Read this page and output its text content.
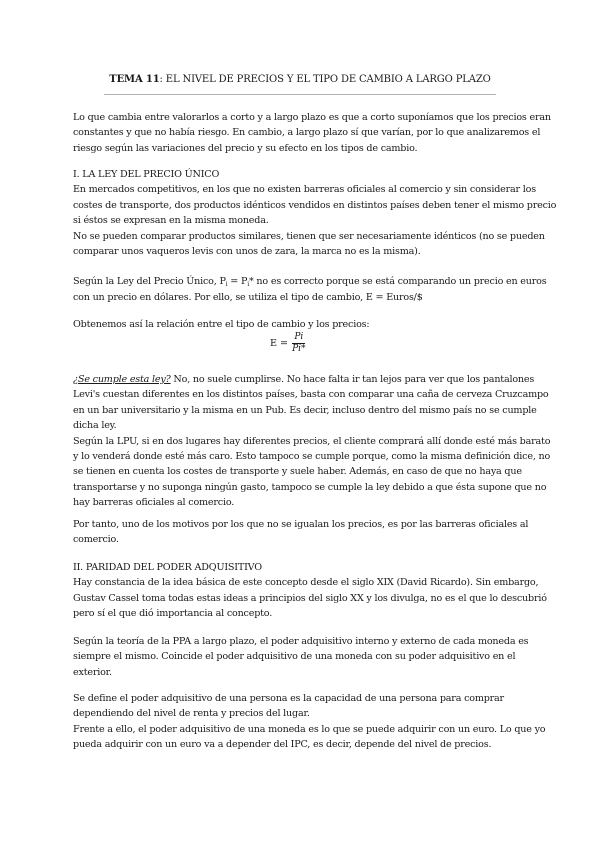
TEMA 11: EL NIVEL DE PRECIOS Y EL TIPO DE CAMBIO A LARGO PLAZO
Lo que cambia entre valorarlos a corto y a largo plazo es que a corto suponíamos que los precios eran
constantes y que no había riesgo. En cambio, a largo plazo sí que varían, por lo que analizaremos el
riesgo según las variaciones del precio y su efecto en los tipos de cambio.
I. LA LEY DEL PRECIO ÚNICO
En mercados competitivos, en los que no existen barreras oficiales al comercio y sin considerar los
costes de transporte, dos productos idénticos vendidos en distintos países deben tener el mismo precio
si éstos se expresan en la misma moneda.
No se pueden comparar productos similares, tienen que ser necesariamente idénticos (no se pueden
comparar unos vaqueros levis con unos de zara, la marca no es la misma).
Según la Ley del Precio Único, $P_i = P_i*$ no es correcto porque se está comparando un precio en euros
con un precio en dólares. Por ello, se utiliza el tipo de cambio, E = Euros/$
Obtenemos así la relación entre el tipo de cambio y los precios:
$E = \frac{Pi}{Pi*}$
¿Se cumple esta ley? No, no suele cumplirse. No hace falta ir tan lejos para ver que los pantalones
Levi's cuestan diferentes en los distintos países, basta con comparar una caña de cerveza Cruzcampo
en un bar universitario y la misma en un Pub. Es decir, incluso dentro del mismo país no se cumple
dicha ley.
Según la LPU, si en dos lugares hay diferentes precios, el cliente comprará allí donde esté más barato
y lo venderá donde esté más caro. Esto tampoco se cumple porque, como la misma definición dice, no
se tienen en cuenta los costes de transporte y suele haber. Además, en caso de que no haya que
transportarse y no suponga ningún gasto, tampoco se cumple la ley debido a que ésta supone que no
hay barreras oficiales al comercio.
Por tanto, uno de los motivos por los que no se igualan los precios, es por las barreras oficiales al
comercio.
II. PARIDAD DEL PODER ADQUISITIVO
Hay constancia de la idea básica de este concepto desde el siglo XIX (David Ricardo). Sin embargo,
Gustav Cassel toma todas estas ideas a principios del siglo XX y los divulga, no es el que lo descubrió
pero sí el que dió importancia al concepto.
Según la teoría de la PPA a largo plazo, el poder adquisitivo interno y externo de cada moneda es
siempre el mismo. Coincide el poder adquisitivo de una moneda con su poder adquisitivo en el
exterior.
Se define el poder adquisitivo de una persona es la capacidad de una persona para comprar
dependiendo del nivel de renta y precios del lugar.
Frente a ello, el poder adquisitivo de una moneda es lo que se puede adquirir con un euro. Lo que yo
pueda adquirir con un euro va a depender del IPC, es decir, depende del nivel de precios.
